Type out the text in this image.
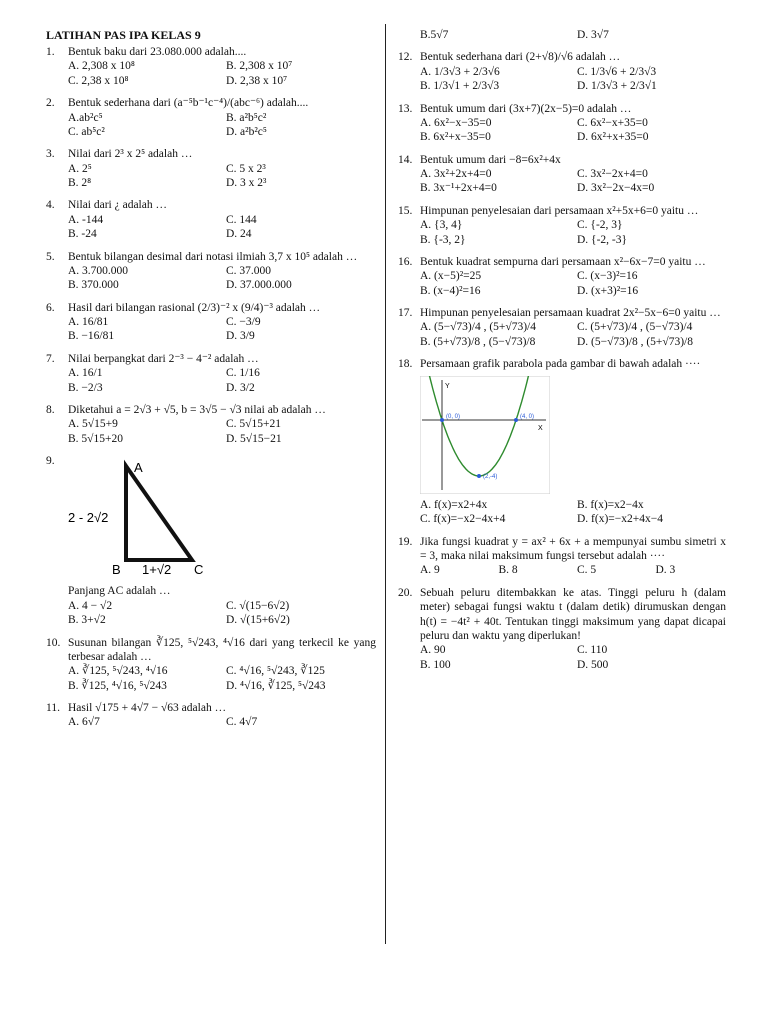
LATIHAN PAS IPA KELAS 9
1.	Bentuk baku dari 23.080.000 adalah....
A. 2,308 x 10⁸	B. 2,308 x 10⁷
C. 2,38 x 10⁸	D. 2,38 x 10⁷
2.	Bentuk sederhana dari (a⁻⁵b⁻¹c⁻⁴)/(abc⁻⁶) adalah....
A.ab²c⁵	B. a²b⁵c²
C. ab⁵c²	D. a²b²c⁵
3.	Nilai dari 2³ x 2⁵ adalah …
A. 2⁵	C. 5 x 2³
B. 2⁸	D. 3 x 2³
4.	Nilai dari ¿ adalah …
A. -144	C. 144
B. -24	D. 24
5.	Bentuk bilangan desimal dari notasi ilmiah 3,7 x 10⁵ adalah …
A. 3.700.000	C. 37.000
B. 370.000	D. 37.000.000
6.	Hasil dari bilangan rasional (2/3)⁻² x (9/4)⁻³ adalah …
A. 16/81	C. −3/9
B. −16/81	D. 3/9
7.	Nilai berpangkat dari 2⁻³ − 4⁻² adalah …
A. 16/1	C. 1/16
B. −2/3	D. 3/2
8.	Diketahui a = 2√3 + √5, b = 3√5 − √3 nilai ab adalah …
A. 5√15+9	C. 5√15+21
B. 5√15+20	D. 5√15−21
9.	A
B	C
2 - 2√2
1+√2
Panjang AC adalah …
A. 4 − √2	C. √(15−6√2)
B. 3+√2	D. √(15+6√2)
10. Susunan bilangan ∛125, ⁵√243, ⁴√16 dari yang terkecil ke yang terbesar adalah …
A. ∛125, ⁵√243, ⁴√16	C. ⁴√16, ⁵√243, ∛125
B. ∛125, ⁴√16, ⁵√243	D. ⁴√16, ∛125, ⁵√243
11. Hasil √175 + 4√7 − √63 adalah …
A. 6√7	C. 4√7
B.5√7	D. 3√7
12. Bentuk sederhana dari (2+√8)/√6 adalah …
A. 1/3√3 + 2/3√6	C. 1/3√6 + 2/3√3
B. 1/3√1 + 2/3√3	D. 1/3√3 + 2/3√1
13. Bentuk umum dari (3x+7)(2x−5)=0 adalah …
A. 6x²−x−35=0	C. 6x²−x+35=0
B. 6x²+x−35=0	D. 6x²+x+35=0
14. Bentuk umum dari −8=6x²+4x
A. 3x²+2x+4=0	C. 3x²−2x+4=0
B. 3x⁻¹+2x+4=0	D. 3x²−2x−4x=0
15. Himpunan penyelesaian dari persamaan x²+5x+6=0 yaitu …
A. {3, 4}	C. {-2, 3}
B. {-3, 2}	D. {-2, -3}
16. Bentuk kuadrat sempurna dari persamaan x²−6x−7=0 yaitu …
A. (x−5)²=25	C. (x−3)²=16
B. (x−4)²=16	D. (x+3)²=16
17. Himpunan penyelesaian persamaan kuadrat 2x²−5x−6=0 yaitu …
A. (5−√73)/4 , (5+√73)/4	C. (5+√73)/4 , (5−√73)/4
B. (5+√73)/8 , (5−√73)/8	D. (5−√73)/8 , (5+√73)/8
18. Persamaan grafik parabola pada gambar di bawah adalah ····
(0, 0)	(4, 0)
(2,-4)
Y
X
A. f(x)=x2+4x	B. f(x)=x2−4x
C. f(x)=−x2−4x+4	D. f(x)=−x2+4x−4
19. Jika fungsi kuadrat y = ax² + 6x + a mempunyai sumbu simetri x = 3, maka nilai maksimum fungsi tersebut adalah ····
A. 9	B. 8	C. 5	D. 3
20. Sebuah peluru ditembakkan ke atas. Tinggi peluru h (dalam meter) sebagai fungsi waktu t (dalam detik) dirumuskan dengan h(t) = −4t² + 40t. Tentukan tinggi maksimum yang dapat dicapai peluru dan waktu yang diperlukan!
A. 90	C. 110
B. 100	D. 500
